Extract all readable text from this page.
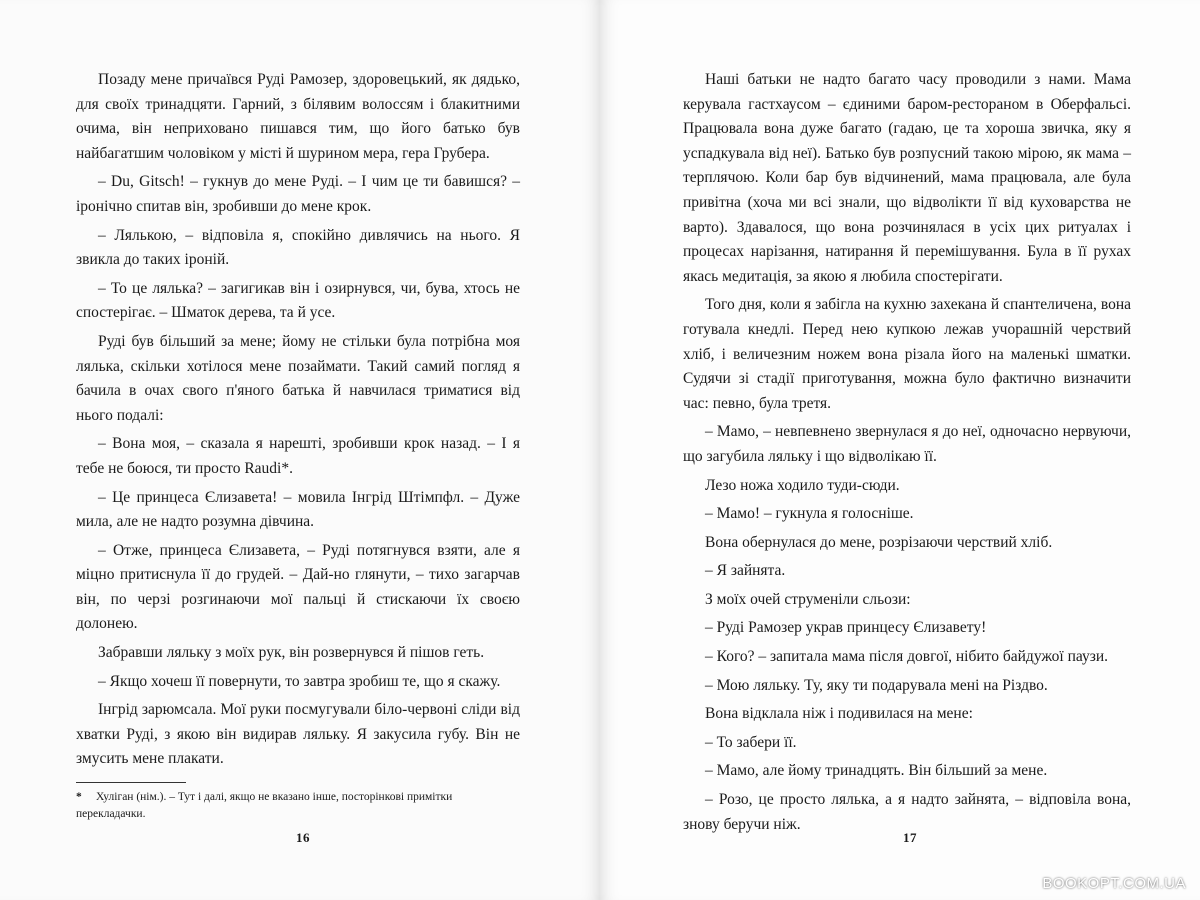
Позаду мене причаївся Руді Рамозер, здоровецький, як дядько, для своїх тринадцяти. Гарний, з білявим волоссям і блакитними очима, він неприховано пишався тим, що його батько був найбагатшим чоловіком у місті й шурином мера, гера Грубера.

– Du, Gitsch! – гукнув до мене Руді. – І чим це ти бавишся? – іронічно спитав він, зробивши до мене крок.

– Лялькою, – відповіла я, спокійно дивлячись на нього. Я звикла до таких іроній.

– То це лялька? – загигикав він і озирнувся, чи, бува, хтось не спостерігає. – Шматок дерева, та й усе.

Руді був більший за мене; йому не стільки була потрібна моя лялька, скільки хотілося мене позаймати. Такий самий погляд я бачила в очах свого п'яного батька й навчилася триматися від нього подалі:

– Вона моя, – сказала я нарешті, зробивши крок назад. – І я тебе не боюся, ти просто Raudi*.

– Це принцеса Єлизавета! – мовила Інгрід Штімпфл. – Дуже мила, але не надто розумна дівчина.

– Отже, принцеса Єлизавета, – Руді потягнувся взяти, але я міцно притиснула її до грудей. – Дай-но глянути, – тихо загарчав він, по черзі розгинаючи мої пальці й стискаючи їх своєю долонею.

Забравши ляльку з моїх рук, він розвернувся й пішов геть.

– Якщо хочеш її повернути, то завтра зробиш те, що я скажу.

Інгрід зарюмсала. Мої руки посмугували біло-червоні сліди від хватки Руді, з якою він видирав ляльку. Я закусила губу. Він не змусить мене плакати.

* Хуліган (нім.). – Тут і далі, якщо не вказано інше, посторінкові примітки перекладачки.
16

Наші батьки не надто багато часу проводили з нами. Мама керувала гастхаусом – єдиними баром-рестораном в Оберфальсі. Працювала вона дуже багато (гадаю, це та хороша звичка, яку я успадкувала від неї). Батько був розпусний такою мірою, як мама – терплячою. Коли бар був відчинений, мама працювала, але була привітна (хоча ми всі знали, що відволікти її від куховарства не варто). Здавалося, що вона розчинялася в усіх цих ритуалах і процесах нарізання, натирання й перемішування. Була в її рухах якась медитація, за якою я любила спостерігати.

Того дня, коли я забігла на кухню захекана й спантеличена, вона готувала кнедлі. Перед нею купкою лежав учорашній черствий хліб, і величезним ножем вона різала його на маленькі шматки. Судячи зі стадії приготування, можна було фактично визначити час: певно, була третя.

– Мамо, – невпевнено звернулася я до неї, одночасно нервуючи, що загубила ляльку і що відволікаю її.

Лезо ножа ходило туди-сюди.

– Мамо! – гукнула я голосніше.

Вона обернулася до мене, розрізаючи черствий хліб.

– Я зайнята.

З моїх очей струменіли сльози:

– Руді Рамозер украв принцесу Єлизавету!

– Кого? – запитала мама після довгої, нібито байдужої паузи.

– Мою ляльку. Ту, яку ти подарувала мені на Різдво.

Вона відклала ніж і подивилася на мене:

– То забери її.

– Мамо, але йому тринадцять. Він більший за мене.

– Розо, це просто лялька, а я надто зайнята, – відповіла вона, знову беручи ніж.

17
BOOKOPT.COM.UA
